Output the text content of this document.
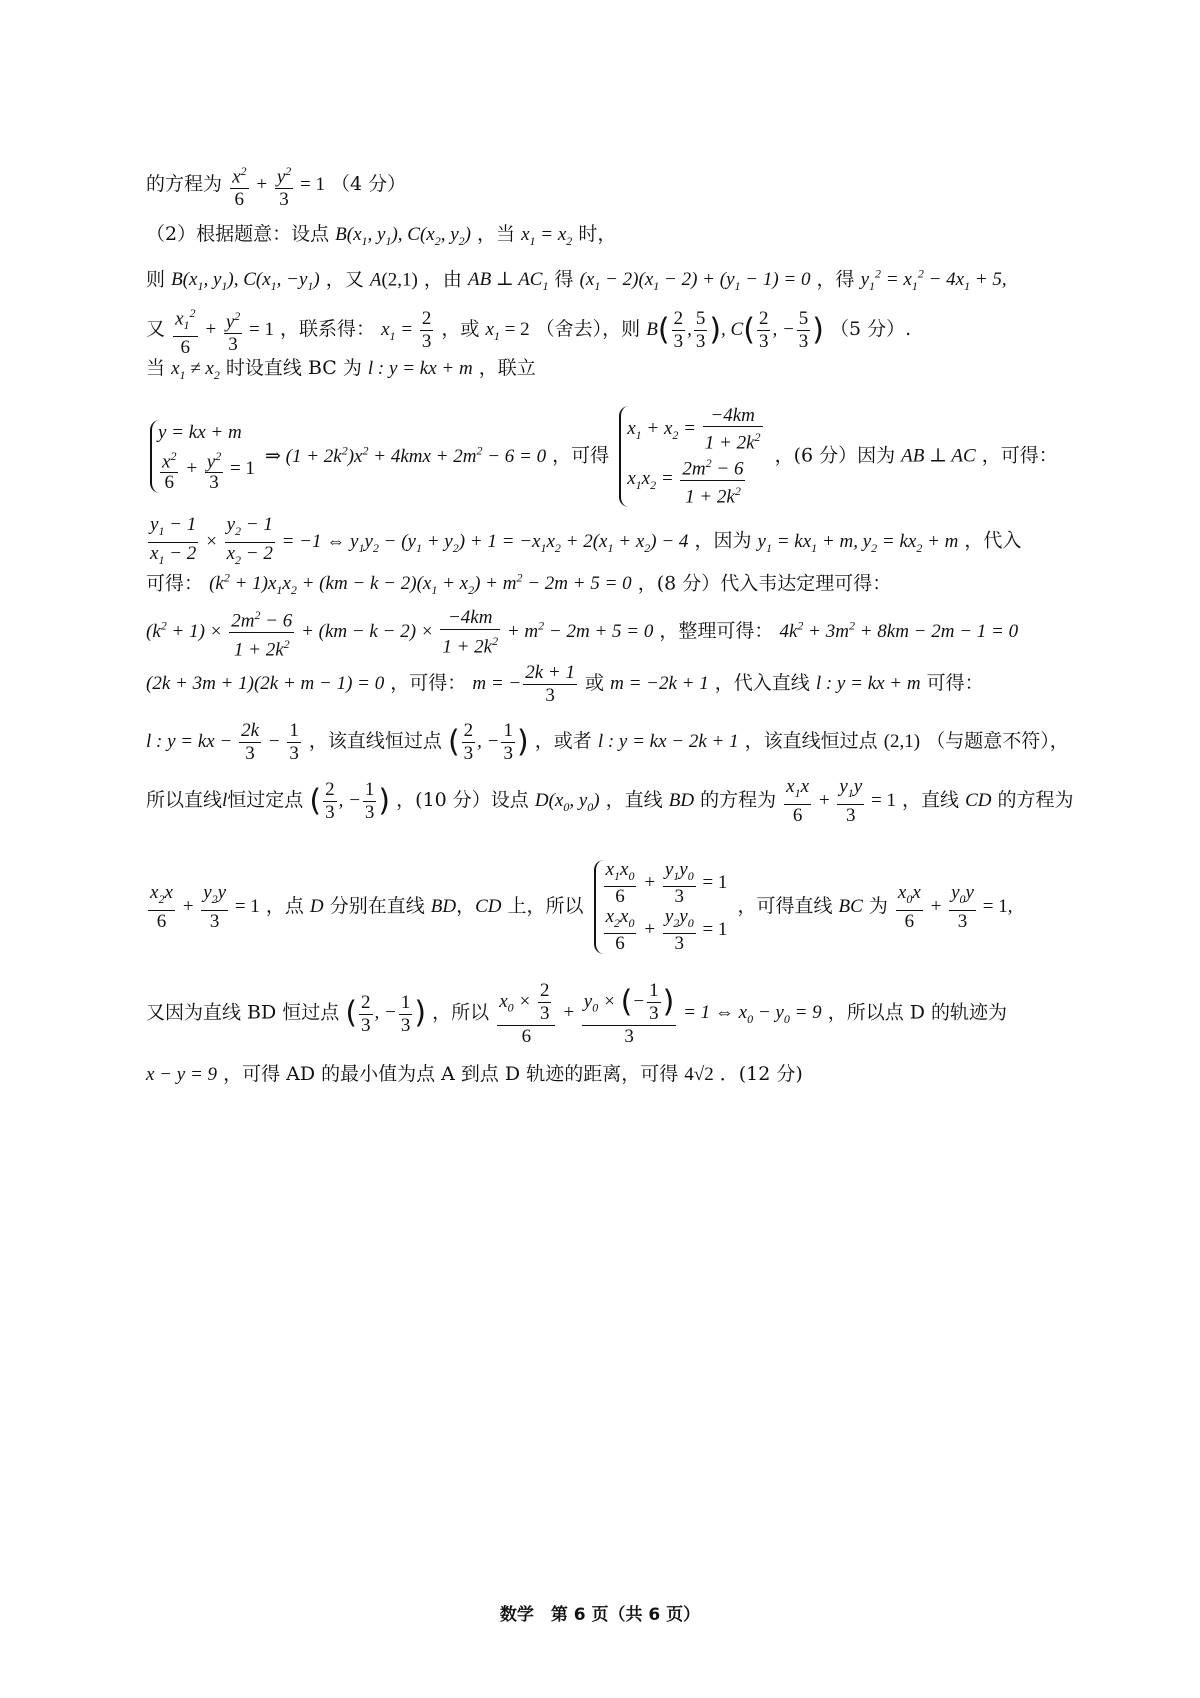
的方程为 $\frac{x^2}{6} + \frac{y^2}{3} = 1$ （4 分）
（2）根据题意：设点 $B(x_1$, $y_1$), $C(x_2$, $y_2$) ，当 $x_1 = x_2$ 时，
则 $B(x_1$, $y_1$), $C(x_1$, $-y_1$) ，又 A(2,1) ，由 AB ⊥ $AC_1$ 得 $(x_1 - 2)(x_1 - 2) + (y_1 - 1) = 0$ ，得 $y_1^2 = x_1^2 - 4x_1 + 5$,
又 $\frac{x_1^2}{6} + \frac{y^2}{3} = 1$ ，联系得： $x_1 = \frac{2}{3}$ ，或 $x_1 = 2$ （舍去），则 $B( \frac{2}{3}$ , $\frac{5}{3}$ ), $C( \frac{2}{3}$ , − $\frac{5}{3}$ ) （5 分）.
当 $x_1 \ne x_2$ 时设直线 BC 为 l : y = kx + m ，联立
y = kx + m
$\frac{x^2}{6} + \frac{y^2}{3} = 1$
⇒ $(1 + 2k^2)x^2 + 4kmx + 2m^2 - 6 = 0$ ，可得
$x_1 + x_2 = \frac{-4km}{1 + 2k^2}$
$x_1x_2 = \frac{2m^2 - 6}{1 + 2k^2}$ ，(6 分）因为 AB ⊥ AC ，可得：
$\frac{y_1 - 1}{x_1 - 2} \times \frac{y_2 - 1}{x_2 - 2} = -1$ ⇔ $y_1y_2 - (y_1 + y_2) + 1 = -x_1x_2 + 2(x_1 + x_2) - 4$ ，因为 $y_1 = kx_1 + m$, $y_2 = kx_2 + m$ ，代入
可得： $(k^2 + 1)x_1x_2 + (km - k - 2)(x_1 + x_2) + m^2 - 2m + 5 = 0$ ，(8 分）代入韦达定理可得：
$(k^2 + 1) \times \frac{2m^2 - 6}{1 + 2k^2} + (km - k - 2) \times \frac{-4km}{1 + 2k^2} + m^2 - 2m + 5 = 0$ ，整理可得： $4k^2 + 3m^2 + 8km - 2m - 1 = 0$
(2k + 3m + 1)(2k + m − 1) = 0 ，可得： m = − $\frac{2k + 1}{3}$ 或 m = −2k + 1 ，代入直线 l : y = kx + m 可得：
l : y = kx − $\frac{2k}{3} - \frac{1}{3}$ ，该直线恒过点 ( $\frac{2}{3}$ , − $\frac{1}{3}$ ) ，或者 l : y = kx − 2k + 1 ，该直线恒过点 (2,1) （与题意不符），
所以直线l恒过定点 ( $\frac{2}{3}$ , − $\frac{1}{3}$ ) ，(10 分）设点 $D(x_0$, $y_0$) ，直线 BD 的方程为 $\frac{x_1x}{6} + \frac{y_1y}{3} = 1$ ，直线 CD 的方程为
$\frac{x_2x}{6} + \frac{y_2y}{3} = 1$ ，点 D 分别在直线 BD，CD 上，所以 $\frac{x_1x_0}{6} + \frac{y_1y_0}{3} = 1$
$\frac{x_2x_0}{6} + \frac{y_2y_0}{3} = 1$
，可得直线 BC 为 $\frac{x_0x}{6} + \frac{y_0y}{3} = 1$,
又因为直线 BD 恒过点 ( $\frac{2}{3}$ , − $\frac{1}{3}$ ) ，所以 $\frac{x_0 \times \frac{2}{3}}{6} + \frac{y_0 \times (- \frac{1}{3} )}{3} = 1$ ⇔ $x_0 - y_0 = 9$ ，所以点 D 的轨迹为
x − y = 9 ，可得 AD 的最小值为点 A 到点 D 轨迹的距离，可得 4√2 ．(12 分)
数学　第 6 页（共 6 页）
